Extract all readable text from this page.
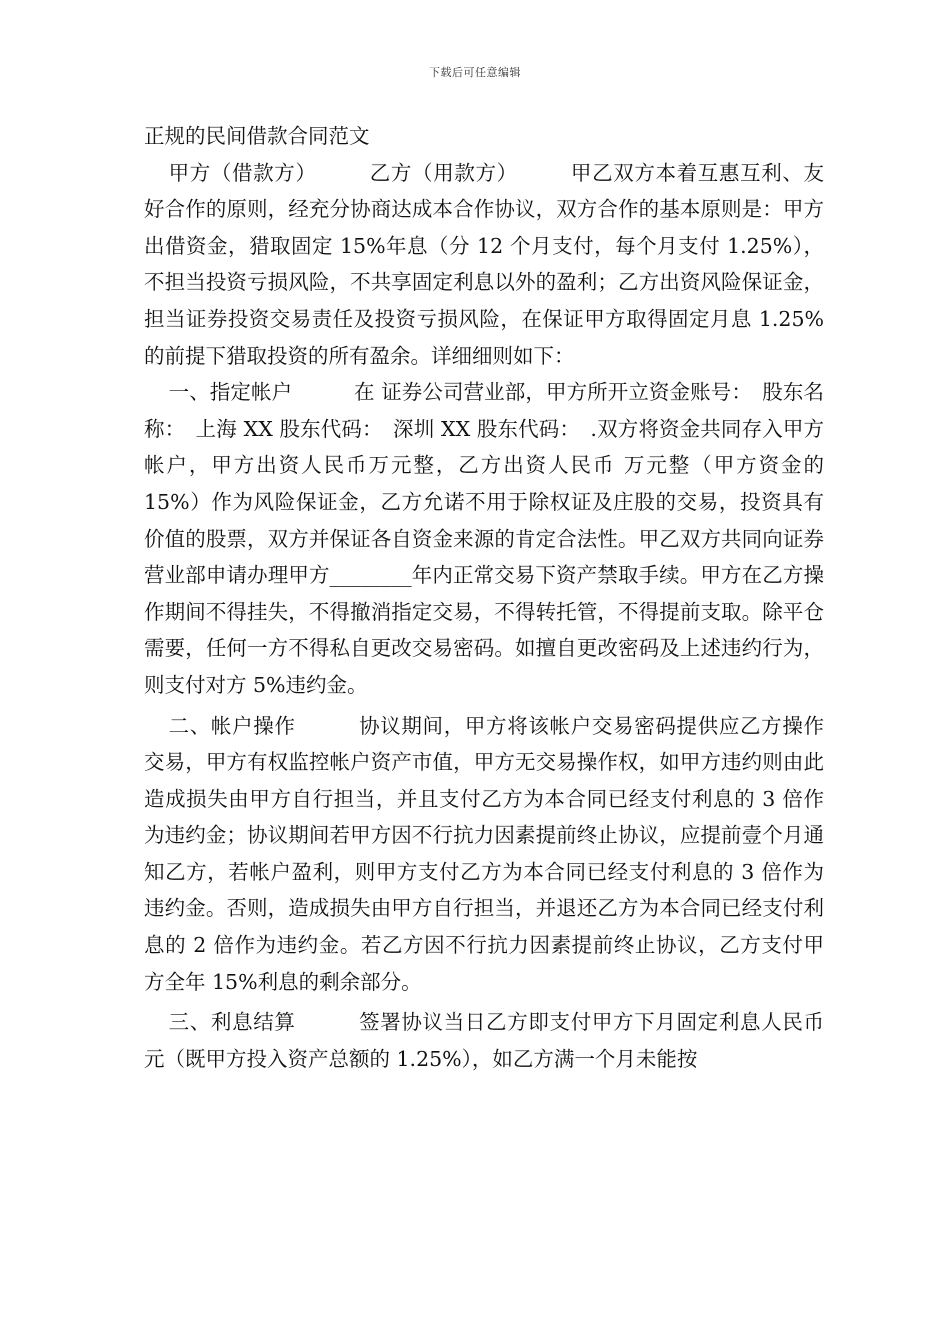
下载后可任意编辑

正规的民间借款合同范文

甲方（借款方）　　　乙方（用款方）　　　甲乙双方本着互惠互利、友好合作的原则，经充分协商达成本合作协议，双方合作的基本原则是：甲方出借资金，猎取固定 15%年息（分 12 个月支付，每个月支付 1.25%），不担当投资亏损风险，不共享固定利息以外的盈利；乙方出资风险保证金，担当证券投资交易责任及投资亏损风险，在保证甲方取得固定月息 1.25%的前提下猎取投资的所有盈余。详细细则如下：

一、指定帐户　　　在 证券公司营业部，甲方所开立资金账号：　股东名称：　上海 XX 股东代码：　深圳 XX 股东代码：　.双方将资金共同存入甲方帐户，甲方出资人民币万元整，乙方出资人民币 万元整（甲方资金的 15%）作为风险保证金，乙方允诺不用于除权证及庄股的交易，投资具有价值的股票，双方并保证各自资金来源的肯定合法性。甲乙双方共同向证券营业部申请办理甲方________年内正常交易下资产禁取手续。甲方在乙方操作期间不得挂失，不得撤消指定交易，不得转托管，不得提前支取。除平仓需要，任何一方不得私自更改交易密码。如擅自更改密码及上述违约行为，则支付对方 5%违约金。

二、帐户操作　　　协议期间，甲方将该帐户交易密码提供应乙方操作交易，甲方有权监控帐户资产市值，甲方无交易操作权，如甲方违约则由此造成损失由甲方自行担当，并且支付乙方为本合同已经支付利息的 3 倍作为违约金；协议期间若甲方因不行抗力因素提前终止协议，应提前壹个月通知乙方，若帐户盈利，则甲方支付乙方为本合同已经支付利息的 3 倍作为违约金。否则，造成损失由甲方自行担当，并退还乙方为本合同已经支付利息的 2 倍作为违约金。若乙方因不行抗力因素提前终止协议，乙方支付甲方全年 15%利息的剩余部分。

三、利息结算　　　签署协议当日乙方即支付甲方下月固定利息人民币 元（既甲方投入资产总额的 1.25%），如乙方满一个月未能按
